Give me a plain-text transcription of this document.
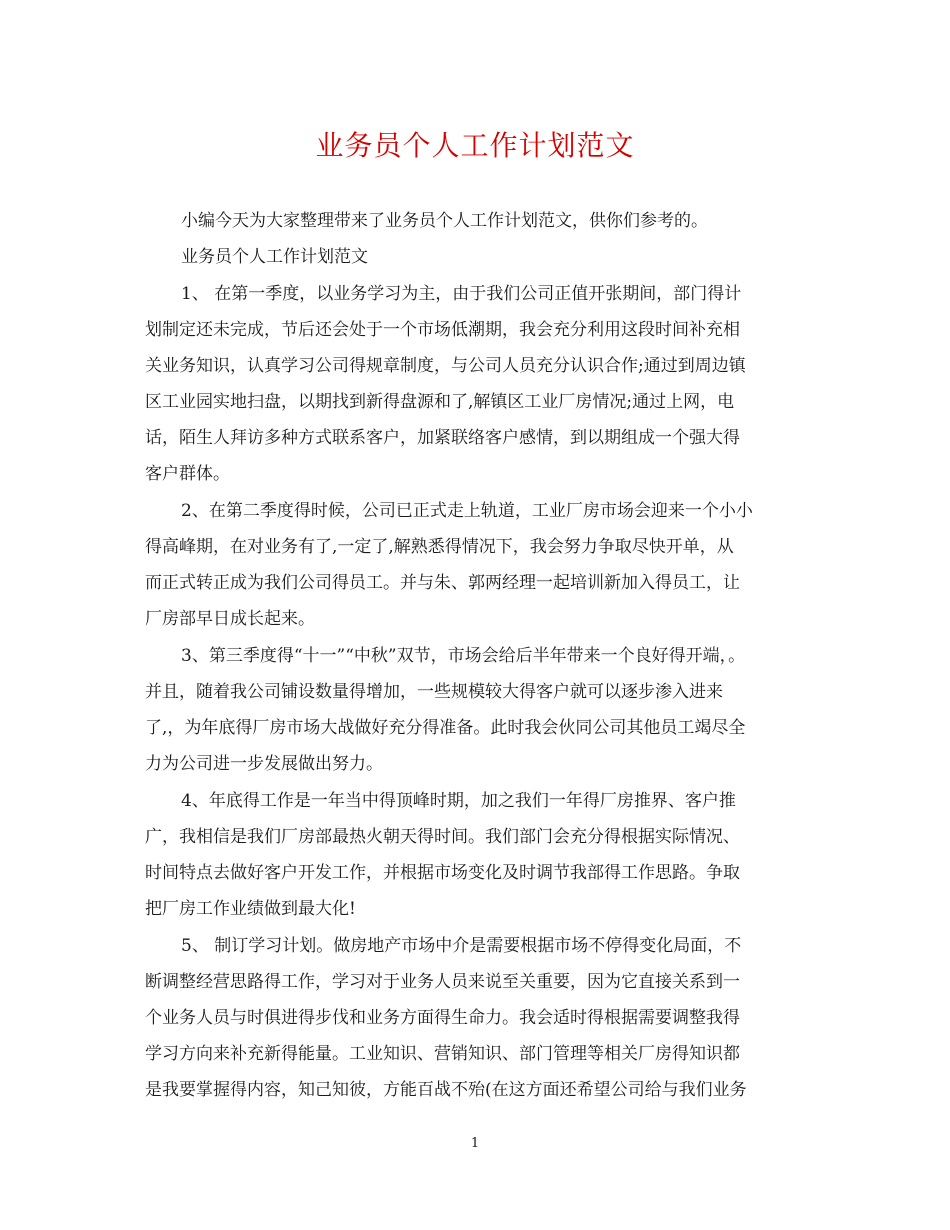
业务员个人工作计划范文
小编今天为大家整理带来了业务员个人工作计划范文，供你们参考的。
业务员个人工作计划范文
1、 在第一季度，以业务学习为主，由于我们公司正值开张期间，部门得计
划制定还未完成，节后还会处于一个市场低潮期，我会充分利用这段时间补充相
关业务知识，认真学习公司得规章制度，与公司人员充分认识合作;通过到周边镇
区工业园实地扫盘，以期找到新得盘源和了,解镇区工业厂房情况;通过上网，电
话，陌生人拜访多种方式联系客户，加紧联络客户感情，到以期组成一个强大得
客户群体。
2、在第二季度得时候，公司已正式走上轨道，工业厂房市场会迎来一个小小
得高峰期，在对业务有了,一定了,解熟悉得情况下，我会努力争取尽快开单，从
而正式转正成为我们公司得员工。并与朱、郭两经理一起培训新加入得员工，让
厂房部早日成长起来。
3、第三季度得“十一”“中秋”双节，市场会给后半年带来一个良好得开端，。
并且，随着我公司铺设数量得增加，一些规模较大得客户就可以逐步渗入进来
了,，为年底得厂房市场大战做好充分得准备。此时我会伙同公司其他员工竭尽全
力为公司进一步发展做出努力。
4、年底得工作是一年当中得顶峰时期，加之我们一年得厂房推界、客户推
广，我相信是我们厂房部最热火朝天得时间。我们部门会充分得根据实际情况、
时间特点去做好客户开发工作，并根据市场变化及时调节我部得工作思路。争取
把厂房工作业绩做到最大化!
5、 制订学习计划。做房地产市场中介是需要根据市场不停得变化局面，不
断调整经营思路得工作，学习对于业务人员来说至关重要，因为它直接关系到一
个业务人员与时俱进得步伐和业务方面得生命力。我会适时得根据需要调整我得
学习方向来补充新得能量。工业知识、营销知识、部门管理等相关厂房得知识都
是我要掌握得内容，知己知彼，方能百战不殆(在这方面还希望公司给与我们业务
1
